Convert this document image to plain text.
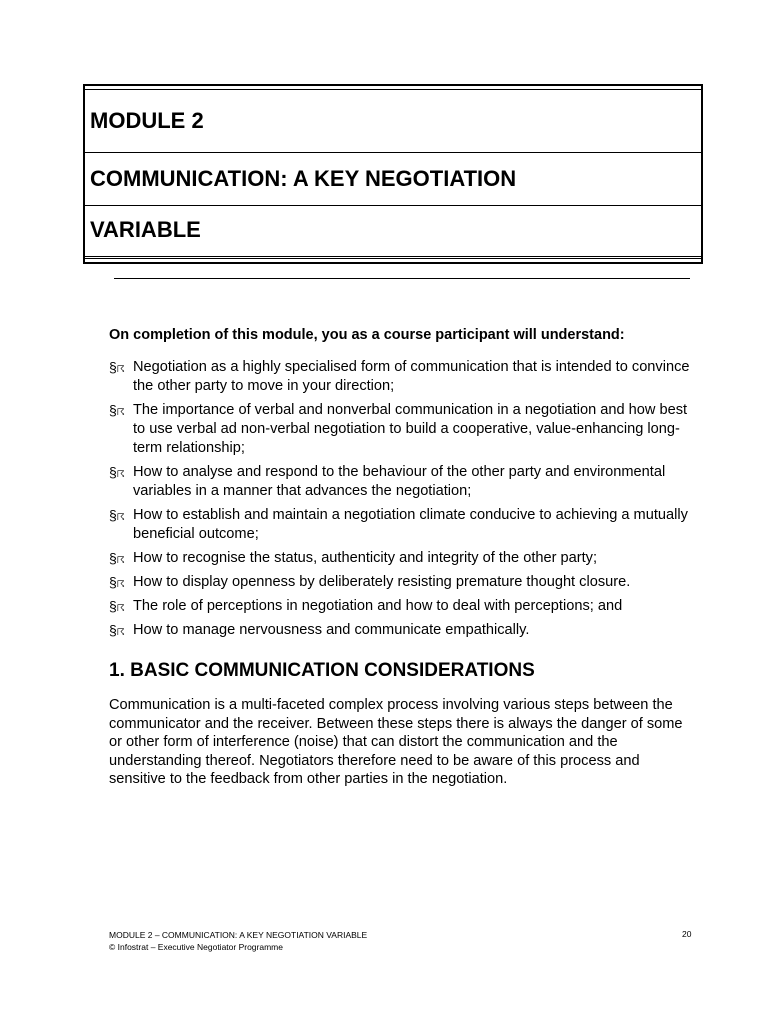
MODULE 2
COMMUNICATION: A KEY NEGOTIATION
VARIABLE
On completion of this module, you as a course participant will understand:
§☈ Negotiation as a highly specialised form of communication that is intended to convince the other party to move in your direction;
§☈ The importance of verbal and nonverbal communication in a negotiation and how best to use verbal ad non-verbal negotiation to build a cooperative, value-enhancing long-term relationship;
§☈ How to analyse and respond to the behaviour of the other party and environmental variables in a manner that advances the negotiation;
§☈ How to establish and maintain a negotiation climate conducive to achieving a mutually beneficial outcome;
§☈ How to recognise the status, authenticity and integrity of the other party;
§☈ How to display openness by deliberately resisting premature thought closure.
§☈ The role of perceptions in negotiation and how to deal with perceptions; and
§☈ How to manage nervousness and communicate empathically.
1. BASIC COMMUNICATION CONSIDERATIONS

Communication is a multi-faceted complex process involving various steps between the communicator and the receiver. Between these steps there is always the danger of some or other form of interference (noise) that can distort the communication and the understanding thereof. Negotiators therefore need to be aware of this process and sensitive to the feedback from other parties in the negotiation.

MODULE 2 – COMMUNICATION: A KEY NEGOTIATION VARIABLE
© Infostrat – Executive Negotiator Programme
20
